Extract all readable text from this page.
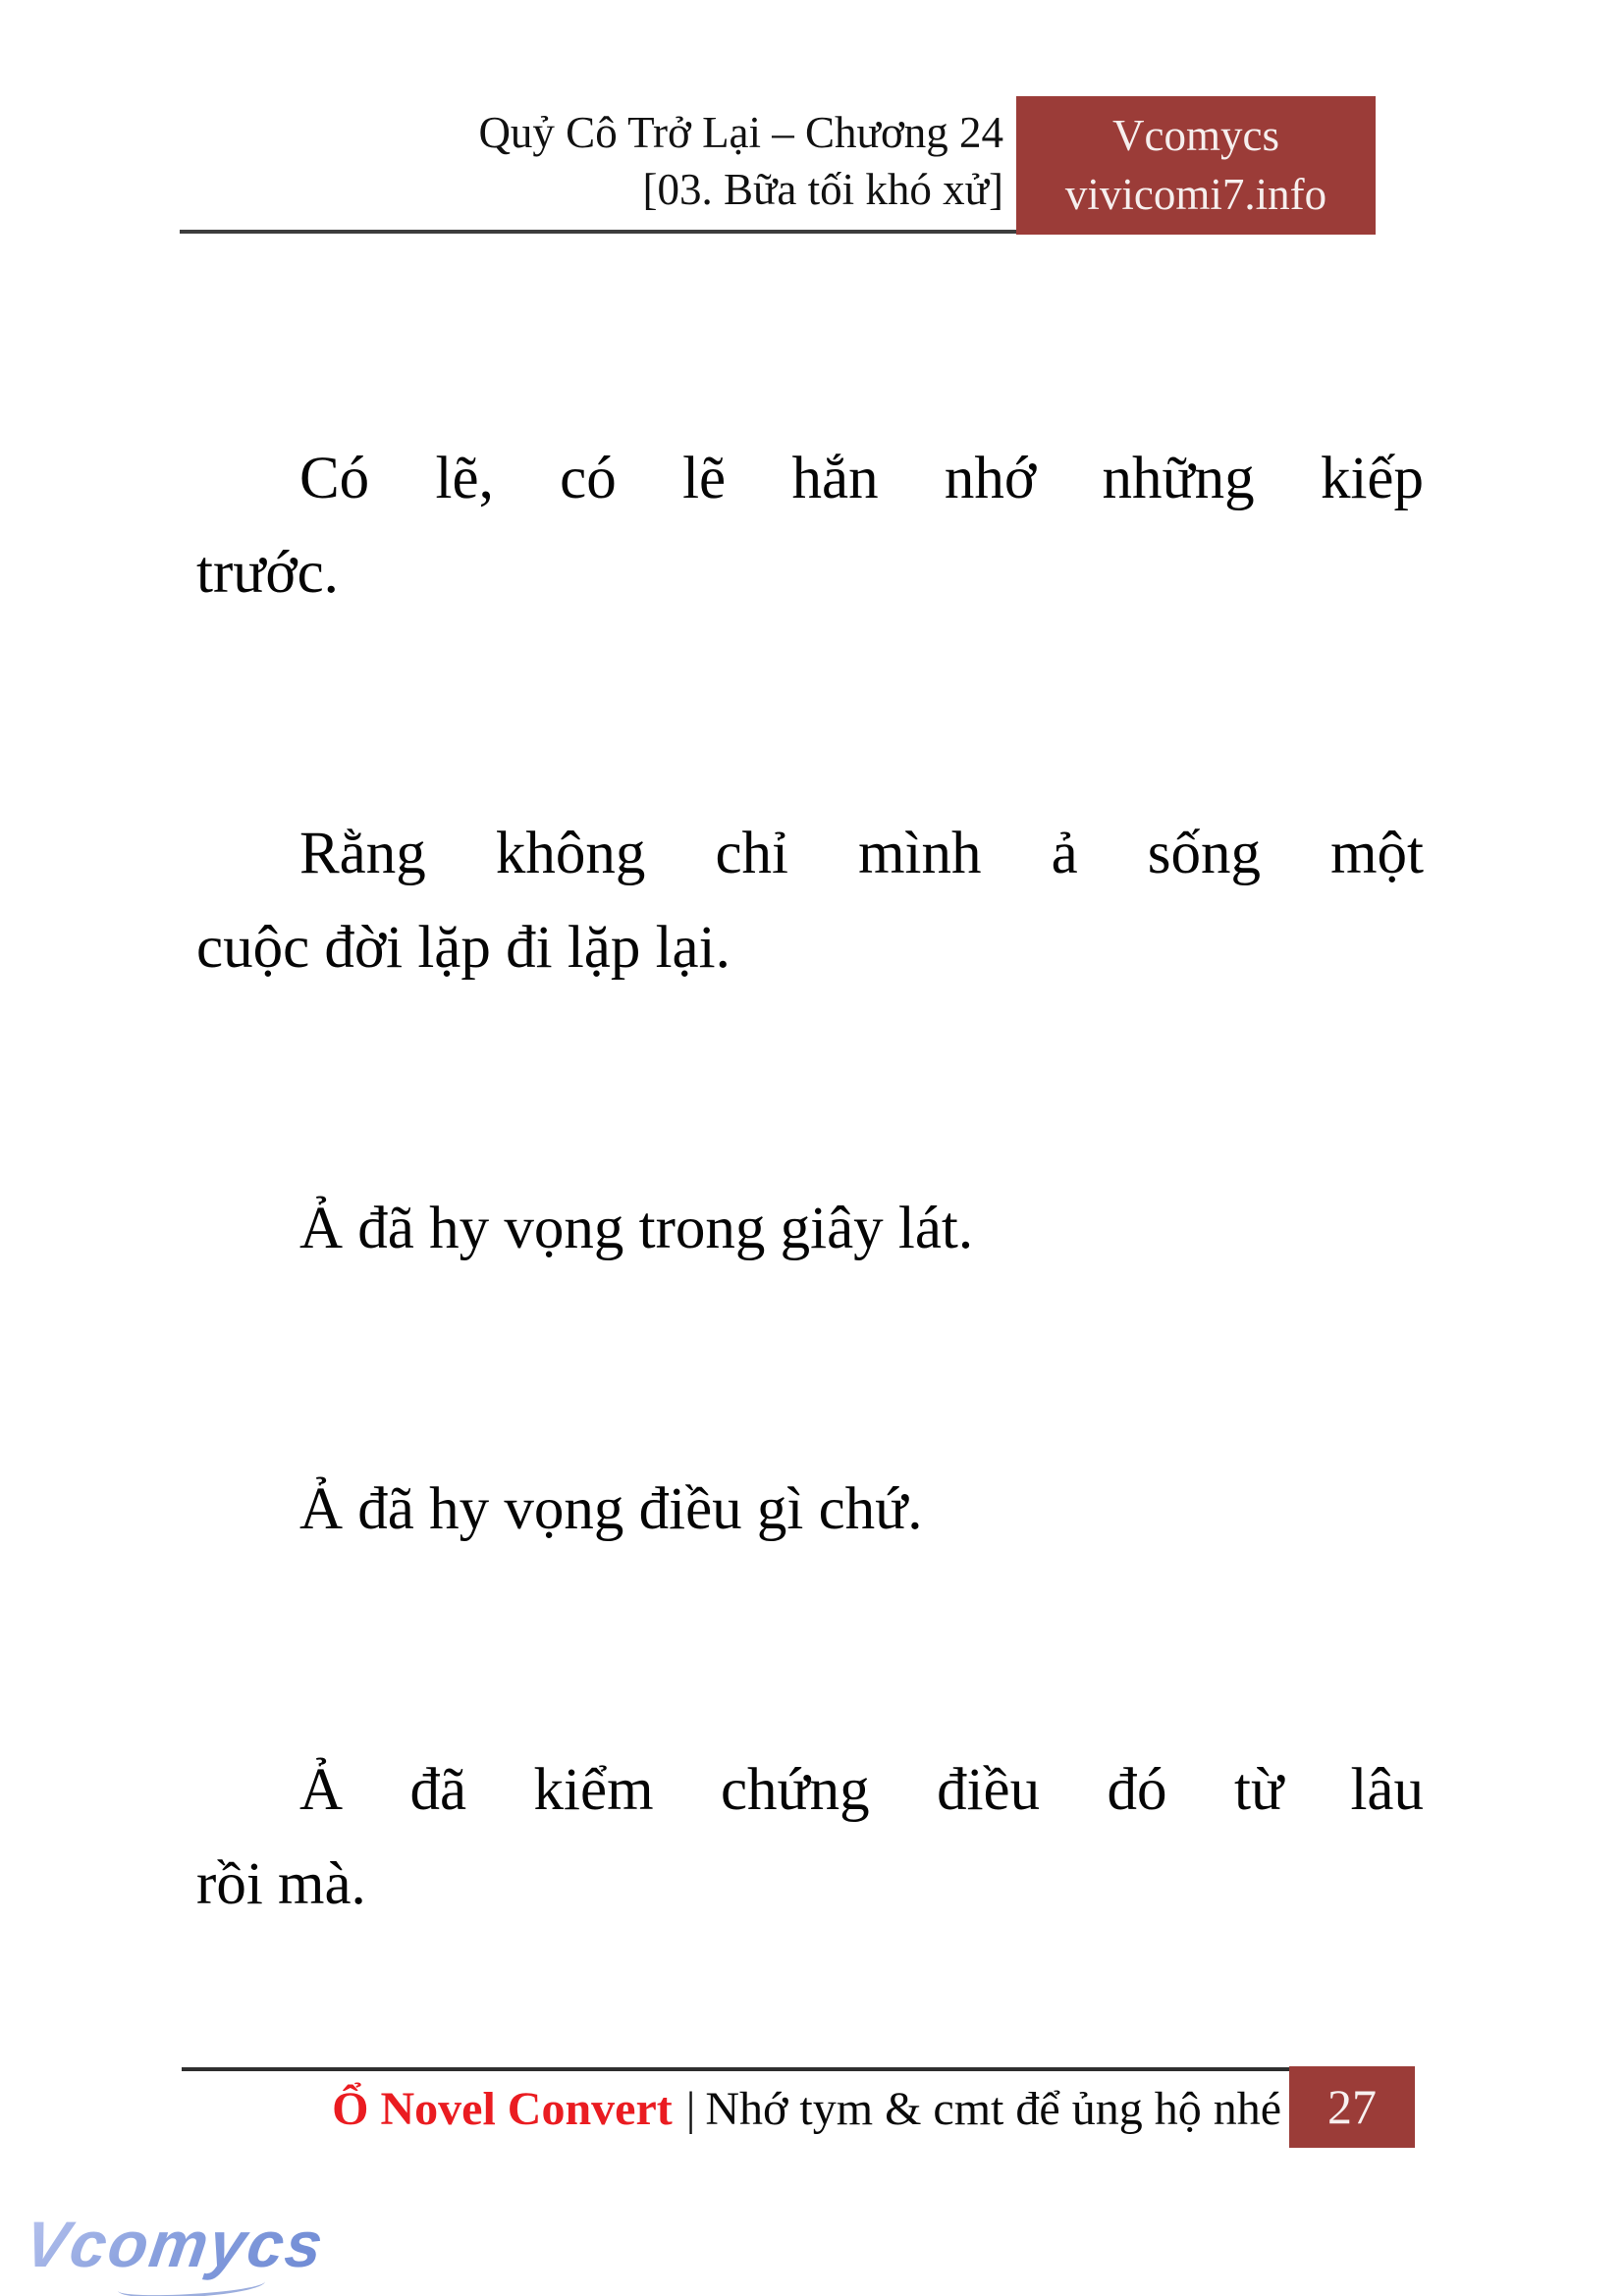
Quỷ Cô Trở Lại – Chương 24
[03. Bữa tối khó xử]
Vcomycs
vivicomi7.info
Có lẽ, có lẽ hắn nhớ những kiếp
trước.
Rằng không chỉ mình ả sống một
cuộc đời lặp đi lặp lại.
Ả đã hy vọng trong giây lát.
Ả đã hy vọng điều gì chứ.
Ả đã kiểm chứng điều đó từ lâu
rồi mà.
Ổ Novel Convert | Nhớ tym & cmt để ủng hộ nhé 27
Vcomycs
